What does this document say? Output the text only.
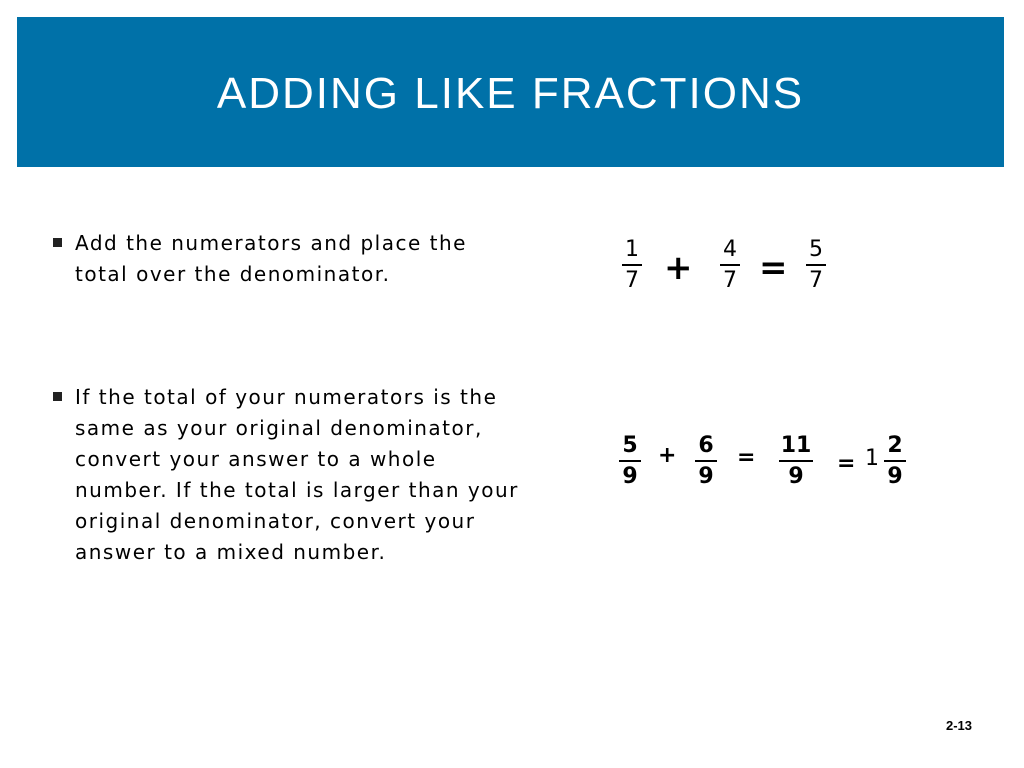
ADDING LIKE FRACTIONS
Add the numerators and place the total over the denominator.
If the total of your numerators is the same as your original denominator, convert your answer to a whole number. If the total is larger than your original denominator, convert your answer to a mixed number.
$\frac{1}{7} + \frac{4}{7} = \frac{5}{7}$
$\frac{5}{9} + \frac{6}{9} = \frac{11}{9} = 1 \frac{2}{9}$
2-13
